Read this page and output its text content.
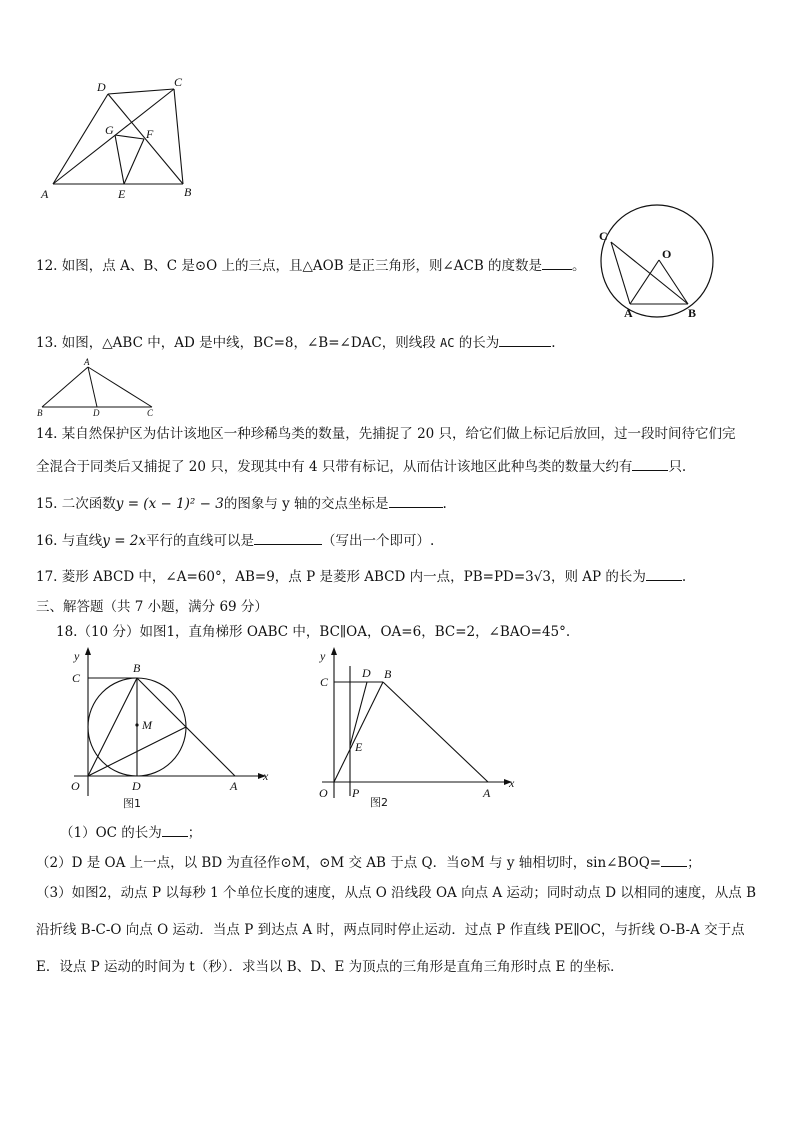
D	C
G	F
A	E	B
12. 如图，点 A、B、C 是⊙O 上的三点，且△AOB 是正三角形，则∠ACB 的度数是 。
C
O
A	B
13. 如图，△ABC 中，AD 是中线，BC=8，∠B=∠DAC，则线段 AC 的长为	.
A
B	D	C
14. 某自然保护区为估计该地区一种珍稀鸟类的数量，先捕捉了 20 只，给它们做上标记后放回，过一段时间待它们完
全混合于同类后又捕捉了 20 只，发现其中有 4 只带有标记，从而估计该地区此种鸟类的数量大约有	只.
15. 二次函数y = (x − 1)² − 3的图象与 y 轴的交点坐标是	.
16. 与直线y = 2x平行的直线可以是	（写出一个即可）.
17. 菱形 ABCD 中，∠A=60°，AB=9，点 P 是菱形 ABCD 内一点，PB=PD=3√3，则 AP 的长为	.
三、解答题（共 7 小题，满分 69 分）
18.（10 分）如图1，直角梯形 OABC 中，BC∥OA，OA=6，BC=2，∠BAO=45°.
y
B
C
M
O	D	A
x
图1
y
D B
C
E
O P	A
x
图2
（1）OC 的长为 ；
（2）D 是 OA 上一点，以 BD 为直径作⊙M，⊙M 交 AB 于点 Q．当⊙M 与 y 轴相切时，sin∠BOQ= ；
（3）如图2，动点 P 以每秒 1 个单位长度的速度，从点 O 沿线段 OA 向点 A 运动；同时动点 D 以相同的速度，从点 B
沿折线 B-C-O 向点 O 运动．当点 P 到达点 A 时，两点同时停止运动．过点 P 作直线 PE∥OC，与折线 O-B-A 交于点
E．设点 P 运动的时间为 t（秒）．求当以 B、D、E 为顶点的三角形是直角三角形时点 E 的坐标．
